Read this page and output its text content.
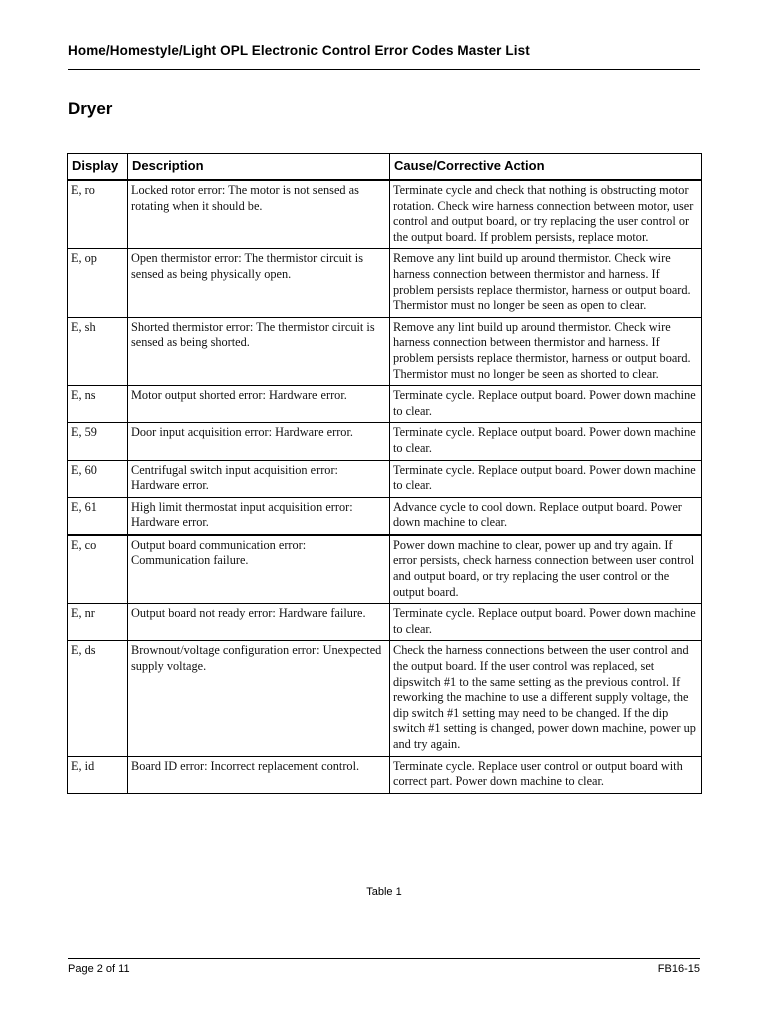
Home/Homestyle/Light OPL Electronic Control Error Codes Master List
Dryer
Display	Description	Cause/Corrective Action
E, ro	Locked rotor error: The motor is not sensed as rotating when it should be.	Terminate cycle and check that nothing is obstructing motor rotation. Check wire harness connection between motor, user control and output board, or try replacing the user control or the output board. If problem persists, replace motor.
E, op	Open thermistor error: The thermistor circuit is sensed as being physically open.	Remove any lint build up around thermistor. Check wire harness connection between thermistor and harness. If problem persists replace thermistor, harness or output board. Thermistor must no longer be seen as open to clear.
E, sh	Shorted thermistor error: The thermistor circuit is sensed as being shorted.	Remove any lint build up around thermistor. Check wire harness connection between thermistor and harness. If problem persists replace thermistor, harness or output board. Thermistor must no longer be seen as shorted to clear.
E, ns	Motor output shorted error: Hardware error.	Terminate cycle. Replace output board. Power down machine to clear.
E, 59	Door input acquisition error: Hardware error.	Terminate cycle. Replace output board. Power down machine to clear.
E, 60	Centrifugal switch input acquisition error: Hardware error.	Terminate cycle. Replace output board. Power down machine to clear.
E, 61	High limit thermostat input acquisition error: Hardware error.	Advance cycle to cool down. Replace output board. Power down machine to clear.
E, co	Output board communication error: Communication failure.	Power down machine to clear, power up and try again. If error persists, check harness connection between user control and output board, or try replacing the user control or the output board.
E, nr	Output board not ready error: Hardware failure.	Terminate cycle. Replace output board. Power down machine to clear.
E, ds	Brownout/voltage configuration error: Unexpected supply voltage.	Check the harness connections between the user control and the output board. If the user control was replaced, set dipswitch #1 to the same setting as the previous control. If reworking the machine to use a different supply voltage, the dip switch #1 setting may need to be changed. If the dip switch #1 setting is changed, power down machine, power up and try again.
E, id	Board ID error: Incorrect replacement control.	Terminate cycle. Replace user control or output board with correct part. Power down machine to clear.
Table 1
Page 2 of 11	FB16-15
